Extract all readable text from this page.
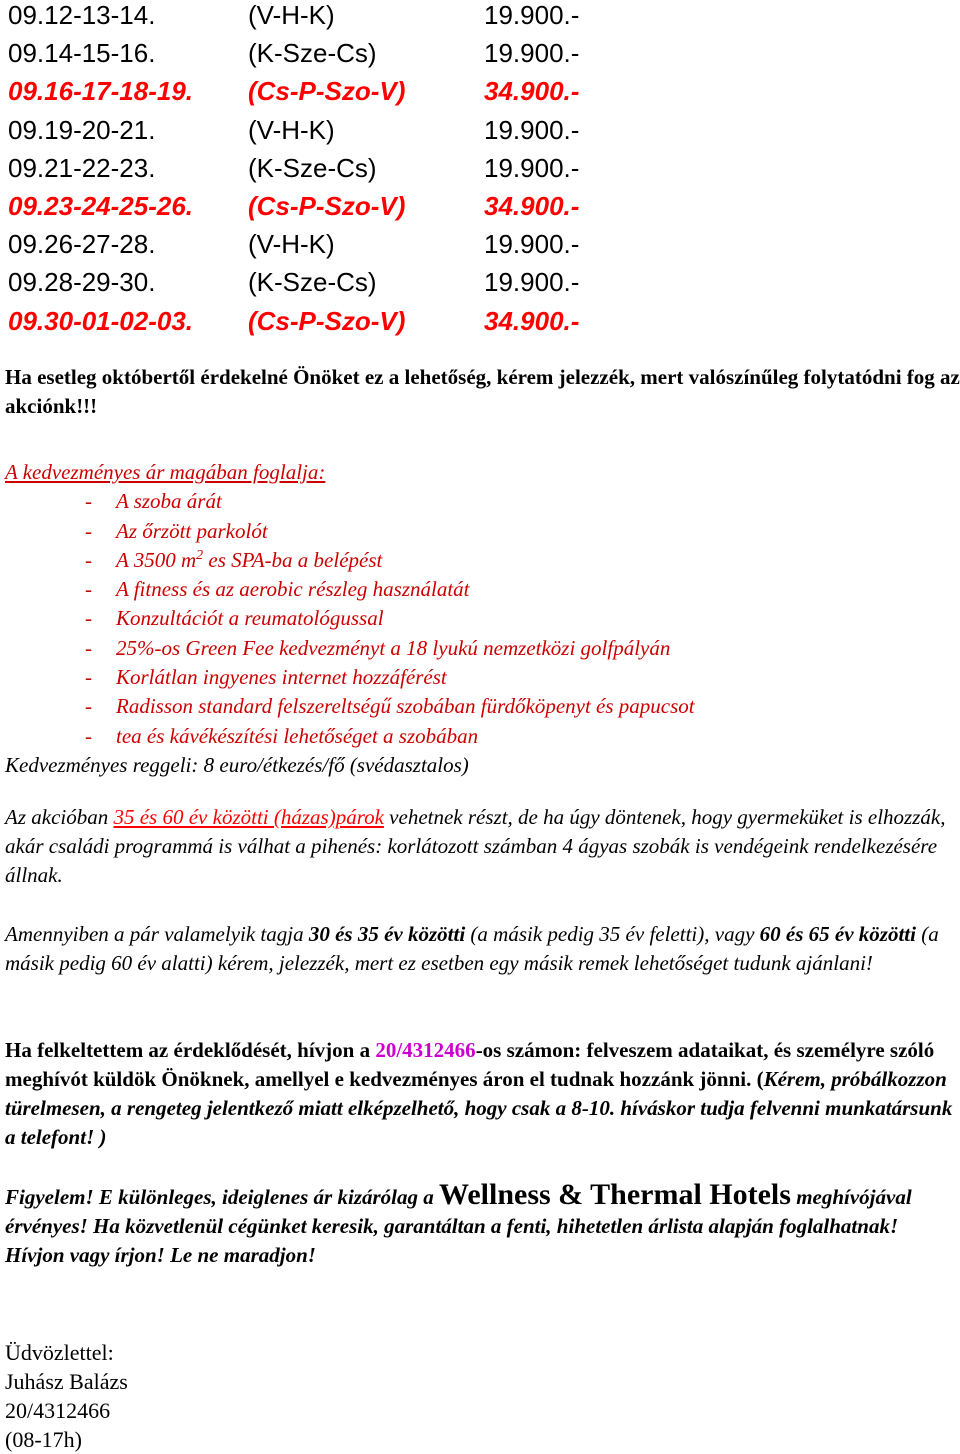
09.12-13-14.	(V-H-K)	19.900.-
09.14-15-16.	(K-Sze-Cs)	19.900.-
09.16-17-18-19. (Cs-P-Szo-V)	34.900.-
09.19-20-21.	(V-H-K)	19.900.-
09.21-22-23.	(K-Sze-Cs)	19.900.-
09.23-24-25-26. (Cs-P-Szo-V)	34.900.-
09.26-27-28.	(V-H-K)	19.900.-
09.28-29-30.	(K-Sze-Cs)	19.900.-
09.30-01-02-03. (Cs-P-Szo-V)	34.900.-
Ha esetleg októbertől érdekelné Önöket ez a lehetőség, kérem jelezzék, mert valószínűleg folytatódni fog az akciónk!!!
A kedvezményes ár magában foglalja:
- A szoba árát
- Az őrzött parkolót
- A 3500 $m^2$ es SPA-ba a belépést
- A fitness és az aerobic részleg használatát
- Konzultációt a reumatológussal
- 25%-os Green Fee kedvezményt a 18 lyukú nemzetközi golfpályán
- Korlátlan ingyenes internet hozzáférést
- Radisson standard felszereltségű szobában fürdőköpenyt és papucsot
- tea és kávékészítési lehetőséget a szobában
Kedvezményes reggeli: 8 euro/étkezés/fő (svédasztalos)
Az akcióban 35 és 60 év közötti (házas)párok vehetnek részt, de ha úgy döntenek, hogy gyermeküket is elhozzák, akár családi programmá is válhat a pihenés: korlátozott számban 4 ágyas szobák is vendégeink rendelkezésére állnak.
Amennyiben a pár valamelyik tagja 30 és 35 év közötti (a másik pedig 35 év feletti), vagy 60 és 65 év közötti (a másik pedig 60 év alatti) kérem, jelezzék, mert ez esetben egy másik remek lehetőséget tudunk ajánlani!
Ha felkeltettem az érdeklődését, hívjon a 20/4312466-os számon: felveszem adataikat, és személyre szóló meghívót küldök Önöknek, amellyel e kedvezményes áron el tudnak hozzánk jönni. (Kérem, próbálkozzon türelmesen, a rengeteg jelentkező miatt elképzelhető, hogy csak a 8-10. híváskor tudja felvenni munkatársunk a telefont! )
Figyelem! E különleges, ideiglenes ár kizárólag a Wellness & Thermal Hotels meghívójával érvényes! Ha közvetlenül cégünket keresik, garantáltan a fenti, hihetetlen árlista alapján foglalhatnak! Hívjon vagy írjon! Le ne maradjon!
Üdvözlettel:
Juhász Balázs
20/4312466
(08-17h)
